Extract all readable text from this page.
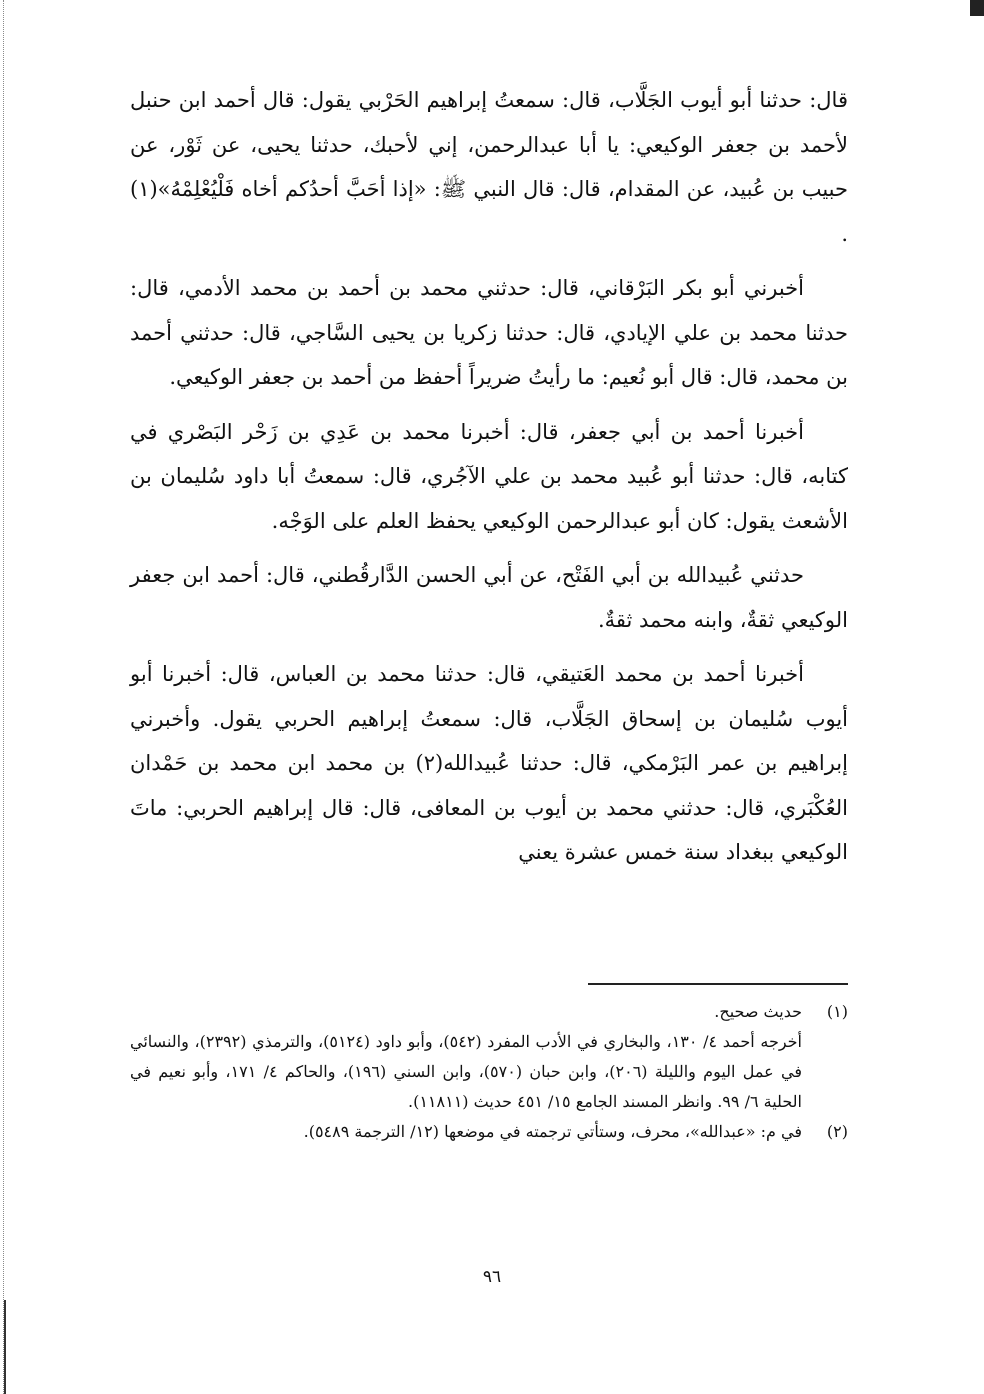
قال: حدثنا أبو أيوب الجَلَّاب، قال: سمعتُ إبراهيم الحَرْبي يقول: قال أحمد ابن حنبل لأحمد بن جعفر الوكيعي: يا أبا عبدالرحمن، إني لأحبك، حدثنا يحيى، عن ثَوْر، عن حبيب بن عُبيد، عن المقدام، قال: قال النبي ﷺ: «إذا أحَبَّ أحدُكم أخاه فَلْيُعْلِمْهُ»(١) .

أخبرني أبو بكر البَرْقاني، قال: حدثني محمد بن أحمد بن محمد الأدمي، قال: حدثنا محمد بن علي الإيادي، قال: حدثنا زكريا بن يحيى السَّاجي، قال: حدثني أحمد بن محمد، قال: قال أبو نُعيم: ما رأيتُ ضريراً أحفظ من أحمد بن جعفر الوكيعي.

أخبرنا أحمد بن أبي جعفر، قال: أخبرنا محمد بن عَدِي بن زَحْر البَصْري في كتابه، قال: حدثنا أبو عُبيد محمد بن علي الآجُري، قال: سمعتُ أبا داود سُليمان بن الأشعث يقول: كان أبو عبدالرحمن الوكيعي يحفظ العلم على الوَجْه.

حدثني عُبيدالله بن أبي الفَتْح، عن أبي الحسن الدَّارقُطني، قال: أحمد ابن جعفر الوكيعي ثقةٌ، وابنه محمد ثقةٌ.

أخبرنا أحمد بن محمد العَتيقي، قال: حدثنا محمد بن العباس، قال: أخبرنا أبو أيوب سُليمان بن إسحاق الجَلَّاب، قال: سمعتُ إبراهيم الحربي يقول. وأخبرني إبراهيم بن عمر البَرْمكي، قال: حدثنا عُبيدالله(٢) بن محمد ابن محمد بن حَمْدان العُكْبَري، قال: حدثني محمد بن أيوب بن المعافى، قال: قال إبراهيم الحربي: ماتَ الوكيعي ببغداد سنة خمس عشرة يعني

(١)
حديث صحيح.
أخرجه أحمد ٤/ ١٣٠، والبخاري في الأدب المفرد (٥٤٢)، وأبو داود (٥١٢٤)، والترمذي (٢٣٩٢)، والنسائي في عمل اليوم والليلة (٢٠٦)، وابن حبان (٥٧٠)، وابن السني (١٩٦)، والحاكم ٤/ ١٧١، وأبو نعيم في الحلية ٦/ ٩٩. وانظر المسند الجامع ١٥/ ٤٥١ حديث (١١٨١١).
(٢)
في م: «عبدالله»، محرف، وستأتي ترجمته في موضعها (١٢/ الترجمة ٥٤٨٩).
٩٦
